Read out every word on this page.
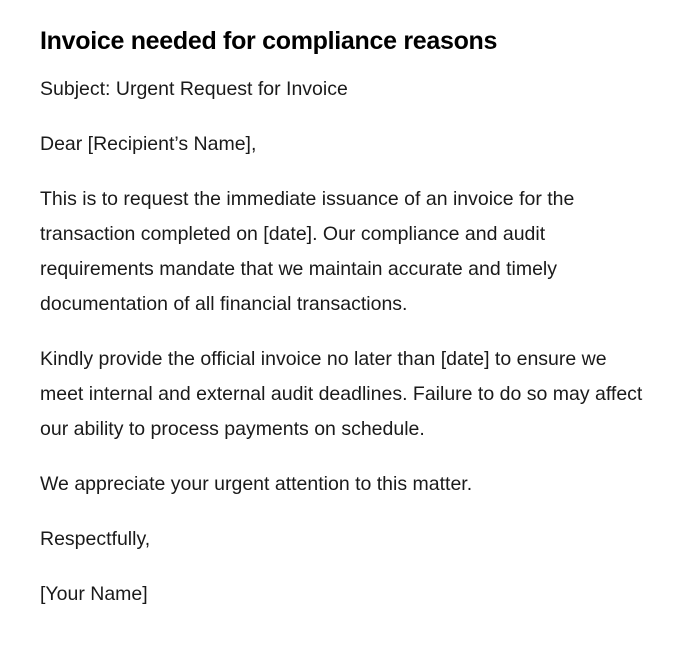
Invoice needed for compliance reasons

Subject: Urgent Request for Invoice

Dear [Recipient’s Name],

This is to request the immediate issuance of an invoice for the transaction completed on [date]. Our compliance and audit requirements mandate that we maintain accurate and timely documentation of all financial transactions.

Kindly provide the official invoice no later than [date] to ensure we meet internal and external audit deadlines. Failure to do so may affect our ability to process payments on schedule.

We appreciate your urgent attention to this matter.

Respectfully,

[Your Name]
